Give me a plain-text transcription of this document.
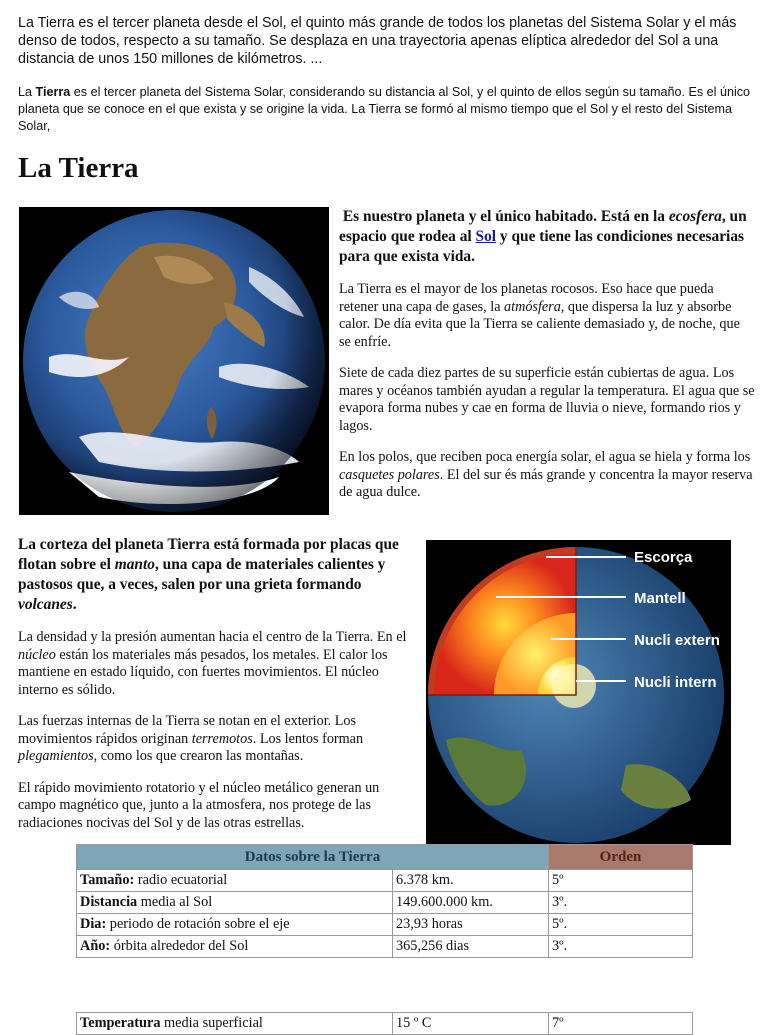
La Tierra es el tercer planeta desde el Sol, el quinto más grande de todos los planetas del Sistema Solar y el más denso de todos, respecto a su tamaño. Se desplaza en una trayectoria apenas elíptica alrededor del Sol a una distancia de unos 150 millones de kilómetros. ...
La Tierra es el tercer planeta del Sistema Solar, considerando su distancia al Sol, y el quinto de ellos según su tamaño. Es el único planeta que se conoce en el que exista y se origine la vida. La Tierra se formó al mismo tiempo que el Sol y el resto del Sistema Solar,
La Tierra

Es nuestro planeta y el único habitado. Está en la ecosfera, un espacio que rodea al Sol y que tiene las condiciones necesarias para que exista vida.

La Tierra es el mayor de los planetas rocosos. Eso hace que pueda retener una capa de gases, la atmósfera, que dispersa la luz y absorbe calor. De día evita que la Tierra se caliente demasiado y, de noche, que se enfríe.

Siete de cada diez partes de su superficie están cubiertas de agua. Los mares y océanos también ayudan a regular la temperatura. El agua que se evapora forma nubes y cae en forma de lluvia o nieve, formando rios y lagos.

En los polos, que reciben poca energía solar, el agua se hiela y forma los casquetes polares. El del sur és más grande y concentra la mayor reserva de agua dulce.

La corteza del planeta Tierra está formada por placas que flotan sobre el manto, una capa de materiales calientes y pastosos que, a veces, salen por una grieta formando volcanes.

La densidad y la presión aumentan hacia el centro de la Tierra. En el núcleo están los materiales más pesados, los metales. El calor los mantiene en estado líquido, con fuertes movimientos. El núcleo interno es sólido.

Las fuerzas internas de la Tierra se notan en el exterior. Los movimientos rápidos originan terremotos. Los lentos forman plegamientos, como los que crearon las montañas.

El rápido movimiento rotatorio y el núcleo metálico generan un campo magnético que, junto a la atmosfera, nos protege de las radiaciones nocivas del Sol y de las otras estrellas.

Escorça
Mantell
Nucli extern
Nucli intern
Datos sobre la Tierra		Orden
Tamaño: radio ecuatorial	6.378 km.	5º
Distancia media al Sol	149.600.000 km.	3º.
Dia: periodo de rotación sobre el eje	23,93 horas	5º.
Año: órbita alrededor del Sol	365,256 dias	3º.
Temperatura media superficial	15 º C	7º
